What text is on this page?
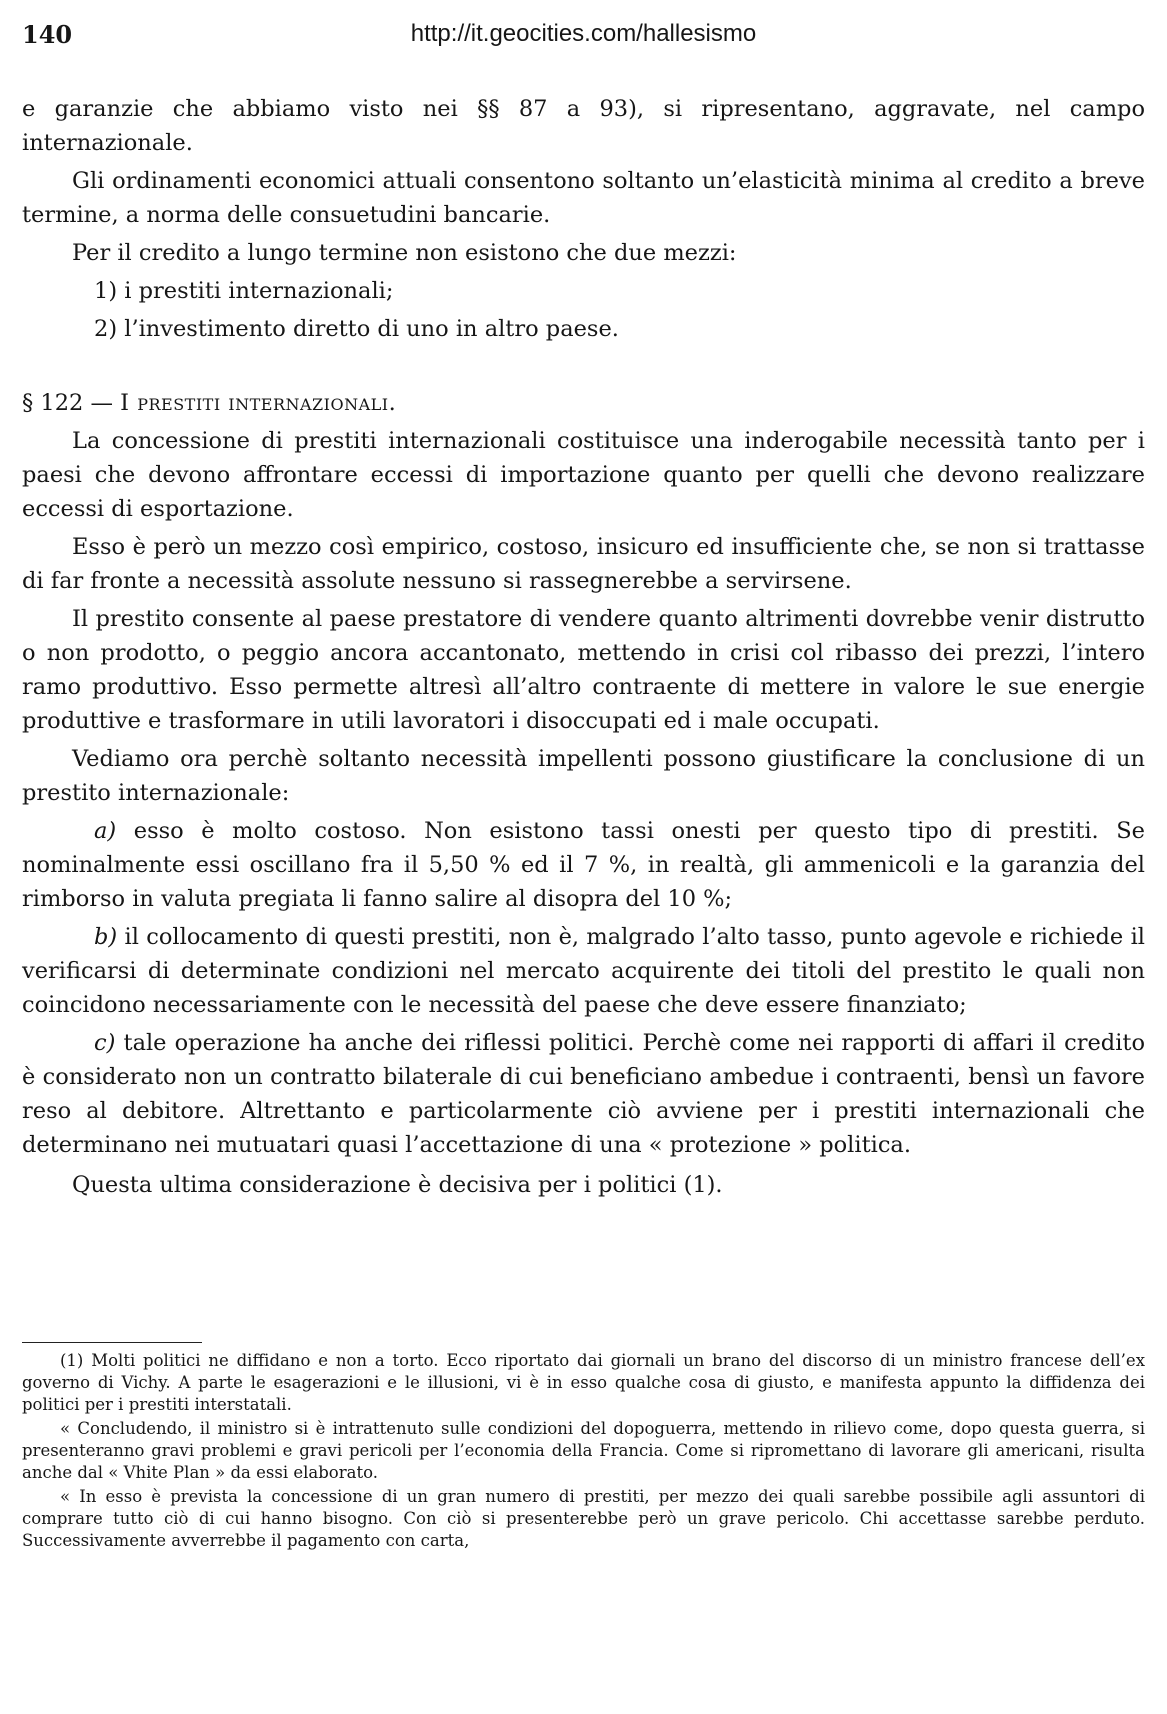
140	http://it.geocities.com/hallesismo

e garanzie che abbiamo visto nei §§ 87 a 93), si ripresentano, aggravate, nel campo internazionale.

Gli ordinamenti economici attuali consentono soltanto un’elasticità minima al credito a breve termine, a norma delle consuetudini bancarie.

Per il credito a lungo termine non esistono che due mezzi:

1) i prestiti internazionali;

2) l’investimento diretto di uno in altro paese.

§ 122 — I prestiti internazionali.

La concessione di prestiti internazionali costituisce una inderogabile necessità tanto per i paesi che devono affrontare eccessi di importazione quanto per quelli che devono realizzare eccessi di esportazione.

Esso è però un mezzo così empirico, costoso, insicuro ed insufficiente che, se non si trattasse di far fronte a necessità assolute nessuno si rassegnerebbe a servirsene.

Il prestito consente al paese prestatore di vendere quanto altrimenti dovrebbe venir distrutto o non prodotto, o peggio ancora accantonato, mettendo in crisi col ribasso dei prezzi, l’intero ramo produttivo. Esso permette altresì all’altro contraente di mettere in valore le sue energie produttive e trasformare in utili lavoratori i disoccupati ed i male occupati.

Vediamo ora perchè soltanto necessità impellenti possono giustificare la conclusione di un prestito internazionale:

a) esso è molto costoso. Non esistono tassi onesti per questo tipo di prestiti. Se nominalmente essi oscillano fra il 5,50 % ed il 7 %, in realtà, gli ammenicoli e la garanzia del rimborso in valuta pregiata li fanno salire al disopra del 10 %;

b) il collocamento di questi prestiti, non è, malgrado l’alto tasso, punto agevole e richiede il verificarsi di determinate condizioni nel mercato acquirente dei titoli del prestito le quali non coincidono necessariamente con le necessità del paese che deve essere finanziato;

c) tale operazione ha anche dei riflessi politici. Perchè come nei rapporti di affari il credito è considerato non un contratto bilaterale di cui beneficiano ambedue i contraenti, bensì un favore reso al debitore. Altrettanto e particolarmente ciò avviene per i prestiti internazionali che determinano nei mutuatari quasi l’accettazione di una « protezione » politica.

Questa ultima considerazione è decisiva per i politici (1).

(1) Molti politici ne diffidano e non a torto. Ecco riportato dai giornali un brano del discorso di un ministro francese dell’ex governo di Vichy. A parte le esagerazioni e le illusioni, vi è in esso qualche cosa di giusto, e manifesta appunto la diffidenza dei politici per i prestiti interstatali.

« Concludendo, il ministro si è intrattenuto sulle condizioni del dopoguerra, mettendo in rilievo come, dopo questa guerra, si presenteranno gravi problemi e gravi pericoli per l’economia della Francia. Come si ripromettano di lavorare gli americani, risulta anche dal « Vhite Plan » da essi elaborato.

« In esso è prevista la concessione di un gran numero di prestiti, per mezzo dei quali sarebbe possibile agli assuntori di comprare tutto ciò di cui hanno bisogno. Con ciò si presenterebbe però un grave pericolo. Chi accettasse sarebbe perduto. Successivamente avverrebbe il pagamento con carta,
